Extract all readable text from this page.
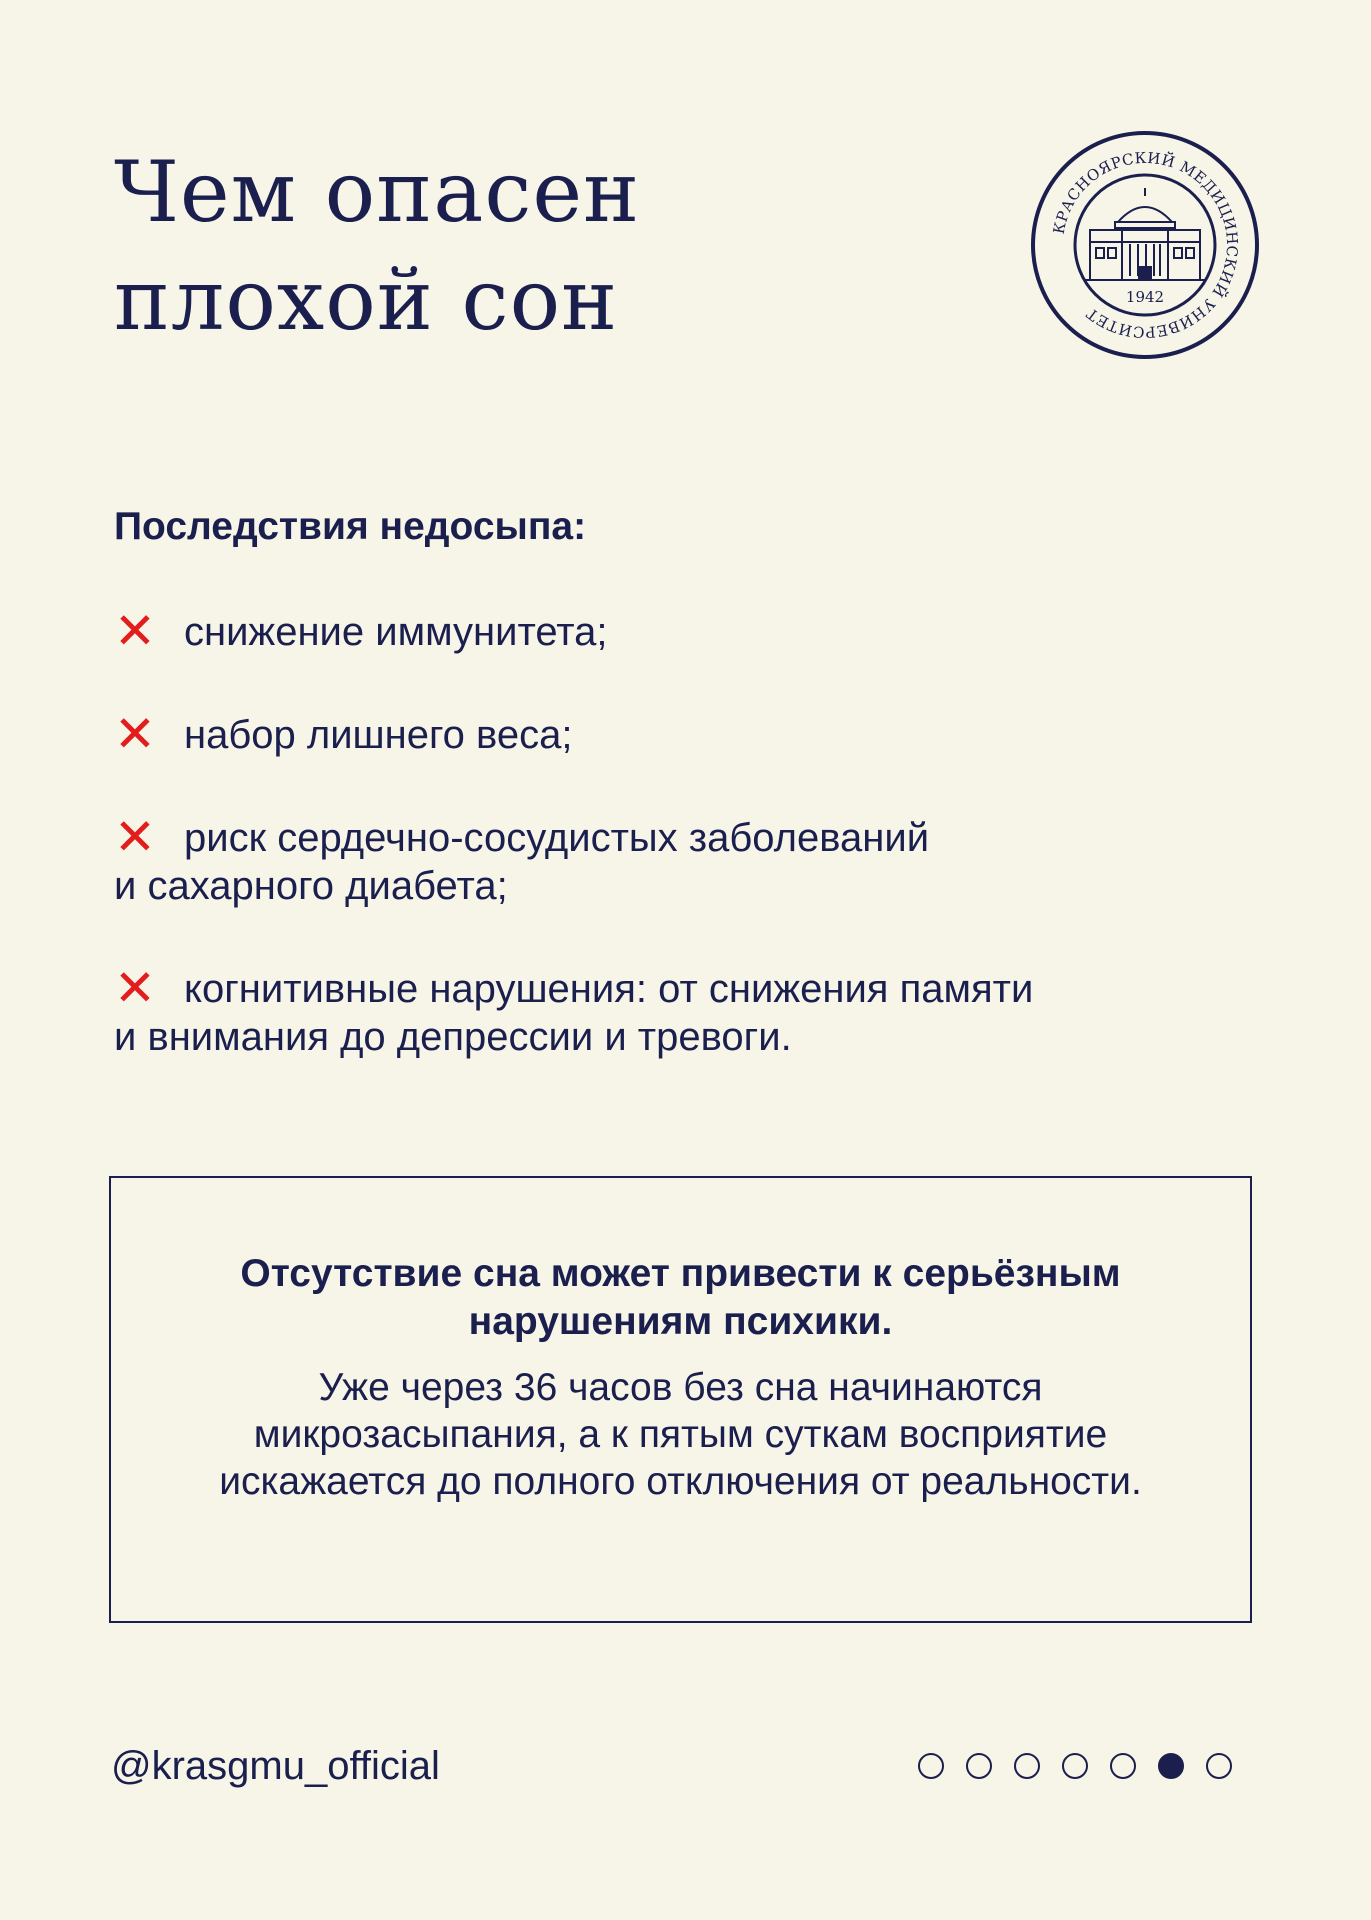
Чем опасен
плохой сон
КРАСНОЯРСКИЙ МЕДИЦИНСКИЙ УНИВЕРСИТЕТ
1942
Последствия недосыпа:
✕ снижение иммунитета;
✕ набор лишнего веса;
✕ риск сердечно-сосудистых заболеваний
и сахарного диабета;
✕ когнитивные нарушения: от снижения памяти
и внимания до депрессии и тревоги.

Отсутствие сна может привести к серьёзным нарушениям психики.

Уже через 36 часов без сна начинаются микрозасыпания, а к пятым суткам восприятие искажается до полного отключения от реальности.

@krasgmu_official
